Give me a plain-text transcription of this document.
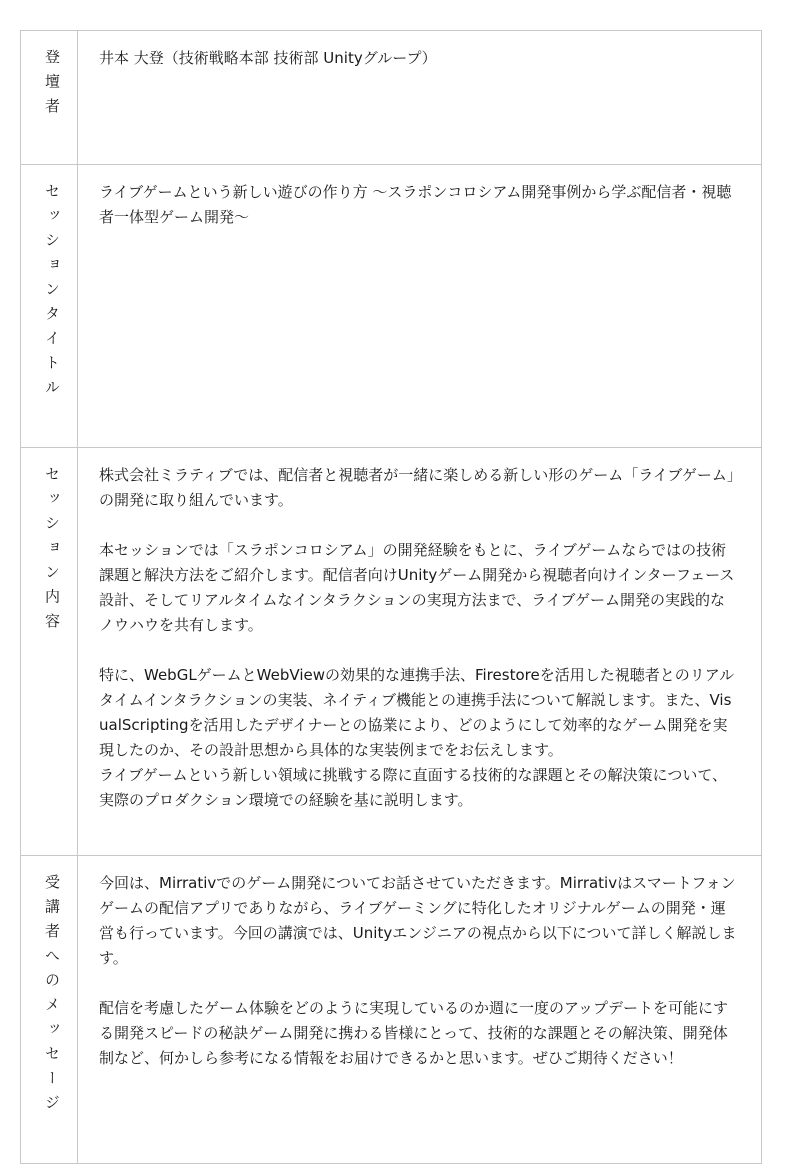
登壇者	井本 大登（技術戦略本部 技術部 Unityグループ）

セッションタイトル	ライブゲームという新しい遊びの作り方 〜スラポンコロシアム開発事例から学ぶ配信者・視聴者一体型ゲーム開発〜

セッション内容	株式会社ミラティブでは、配信者と視聴者が一緒に楽しめる新しい形のゲーム「ライブゲーム」の開発に取り組んでいます。

本セッションでは「スラポンコロシアム」の開発経験をもとに、ライブゲームならではの技術課題と解決方法をご紹介します。配信者向けUnityゲーム開発から視聴者向けインターフェース設計、そしてリアルタイムなインタラクションの実現方法まで、ライブゲーム開発の実践的なノウハウを共有します。

特に、WebGLゲームとWebViewの効果的な連携手法、Firestoreを活用した視聴者とのリアルタイムインタラクションの実装、ネイティブ機能との連携手法について解説します。また、VisualScriptingを活用したデザイナーとの協業により、どのようにして効率的なゲーム開発を実現したのか、その設計思想から具体的な実装例までをお伝えします。
ライブゲームという新しい領域に挑戦する際に直面する技術的な課題とその解決策について、実際のプロダクション環境での経験を基に説明します。

受講者へのメッセージ	今回は、Mirrativでのゲーム開発についてお話させていただきます。Mirrativはスマートフォンゲームの配信アプリでありながら、ライブゲーミングに特化したオリジナルゲームの開発・運営も行っています。今回の講演では、Unityエンジニアの視点から以下について詳しく解説します。

配信を考慮したゲーム体験をどのように実現しているのか週に一度のアップデートを可能にする開発スピードの秘訣ゲーム開発に携わる皆様にとって、技術的な課題とその解決策、開発体制など、何かしら参考になる情報をお届けできるかと思います。ぜひご期待ください！
